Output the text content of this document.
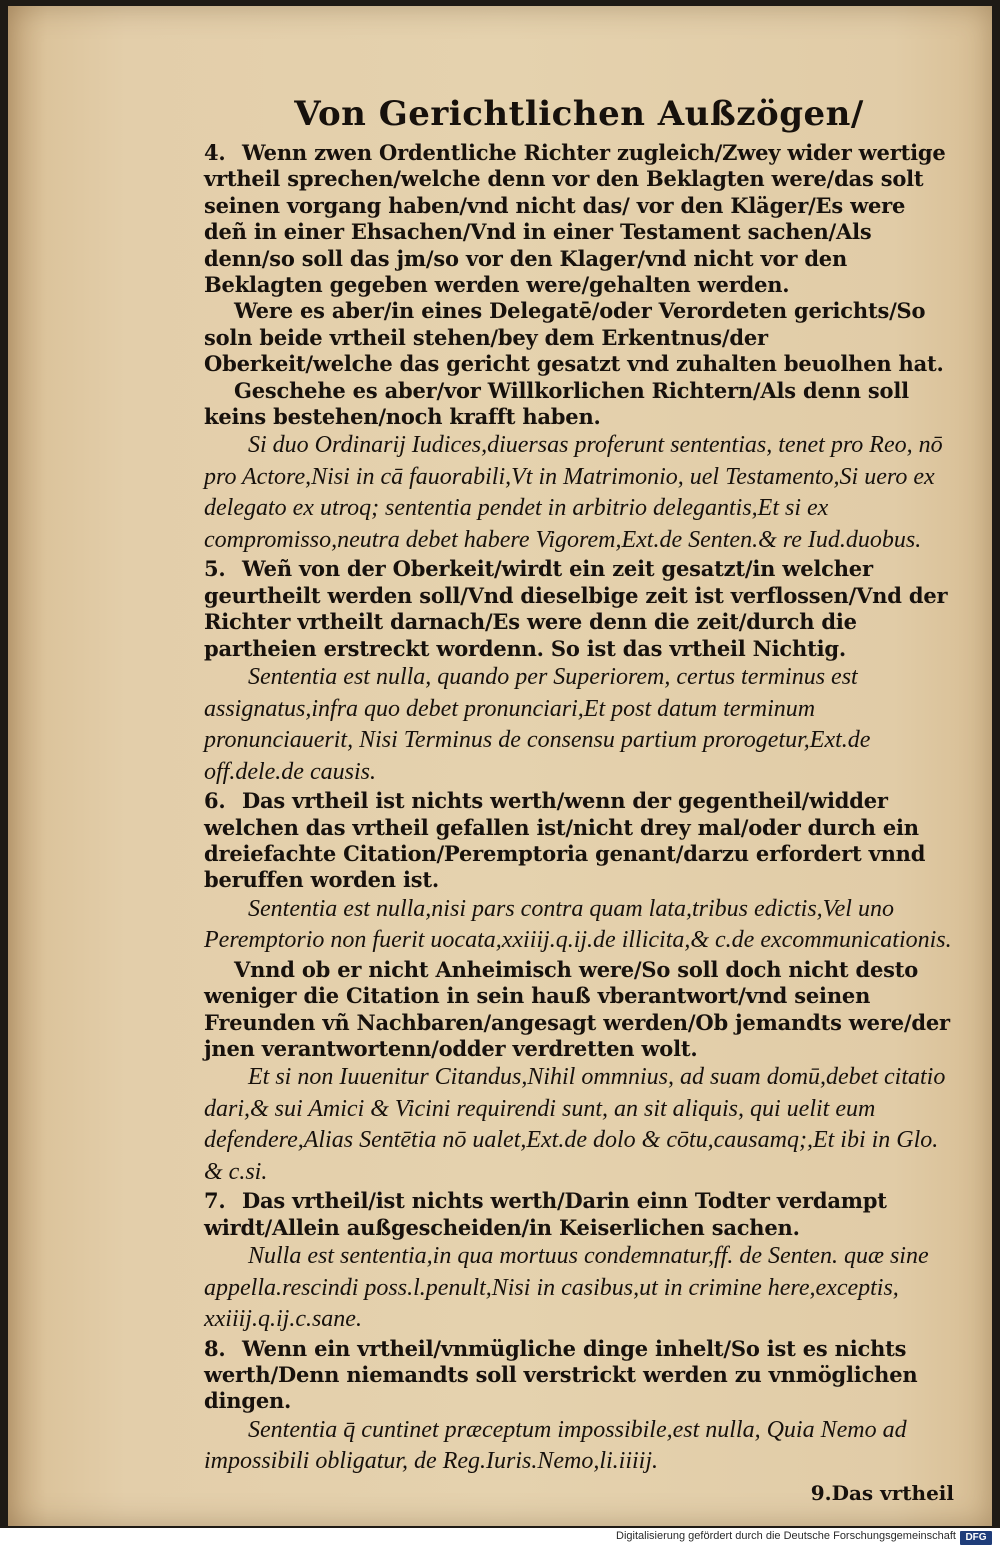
Von Gerichtlichen Außzögen/

4. Wenn zwen Ordentliche Richter zugleich/Zwey wider wertige vrtheil sprechen/welche denn vor den Beklagten were/das solt seinen vorgang haben/vnd nicht das/ vor den Kläger/Es were deñ in einer Ehsachen/Vnd in einer Testament sachen/Als denn/so soll das jm/so vor den Klager/vnd nicht vor den Beklagten gegeben werden were/gehalten werden.

Were es aber/in eines Delegatē/oder Verordeten gerichts/So soln beide vrtheil stehen/bey dem Erkentnus/der Oberkeit/welche das gericht gesatzt vnd zuhalten beuolhen hat.

Geschehe es aber/vor Willkorlichen Richtern/Als denn soll keins bestehen/noch krafft haben.

Si duo Ordinarij Iudices,diuersas proferunt sententias, tenet pro Reo, nō pro Actore,Nisi in cā fauorabili,Vt in Matrimonio, uel Testamento,Si uero ex delegato ex utroq; sententia pendet in arbitrio delegantis,Et si ex compromisso,neutra debet habere Vigorem,Ext.de Senten.& re Iud.duobus.

5. Weñ von der Oberkeit/wirdt ein zeit gesatzt/in welcher geurtheilt werden soll/Vnd dieselbige zeit ist verflossen/Vnd der Richter vrtheilt darnach/Es were denn die zeit/durch die partheien erstreckt wordenn. So ist das vrtheil Nichtig.

Sententia est nulla, quando per Superiorem, certus terminus est assignatus,infra quo debet pronunciari,Et post datum terminum pronunciauerit, Nisi Terminus de consensu partium prorogetur,Ext.de off.dele.de causis.

6. Das vrtheil ist nichts werth/wenn der gegentheil/widder welchen das vrtheil gefallen ist/nicht drey mal/oder durch ein dreiefachte Citation/Peremptoria genant/darzu erfordert vnnd beruffen worden ist.

Sententia est nulla,nisi pars contra quam lata,tribus edictis,Vel uno Peremptorio non fuerit uocata,xxiiij.q.ij.de illicita,& c.de excommunicationis.

Vnnd ob er nicht Anheimisch were/So soll doch nicht desto weniger die Citation in sein hauß vberantwort/vnd seinen Freunden vñ Nachbaren/angesagt werden/Ob jemandts were/der jnen verantwortenn/odder verdretten wolt.

Et si non Iuuenitur Citandus,Nihil ommnius, ad suam domū,debet citatio dari,& sui Amici & Vicini requirendi sunt, an sit aliquis, qui uelit eum defendere,Alias Sentētia nō ualet,Ext.de dolo & cōtu,causamq;,Et ibi in Glo. & c.si.

7. Das vrtheil/ist nichts werth/Darin einn Todter verdampt wirdt/Allein außgescheiden/in Keiserlichen sachen.

Nulla est sententia,in qua mortuus condemnatur,ff. de Senten. quæ sine appella.rescindi poss.l.penult,Nisi in casibus,ut in crimine here,exceptis, xxiiij.q.ij.c.sane.

8. Wenn ein vrtheil/vnmügliche dinge inhelt/So ist es nichts werth/Denn niemandts soll verstrickt werden zu vnmöglichen dingen.

Sententia q̄ cuntinet præceptum impossibile,est nulla, Quia Nemo ad impossibili obligatur, de Reg.Iuris.Nemo,li.iiiij.

9.Das vrtheil
Digitalisierung gefördert durch die Deutsche Forschungsgemeinschaft DFG
